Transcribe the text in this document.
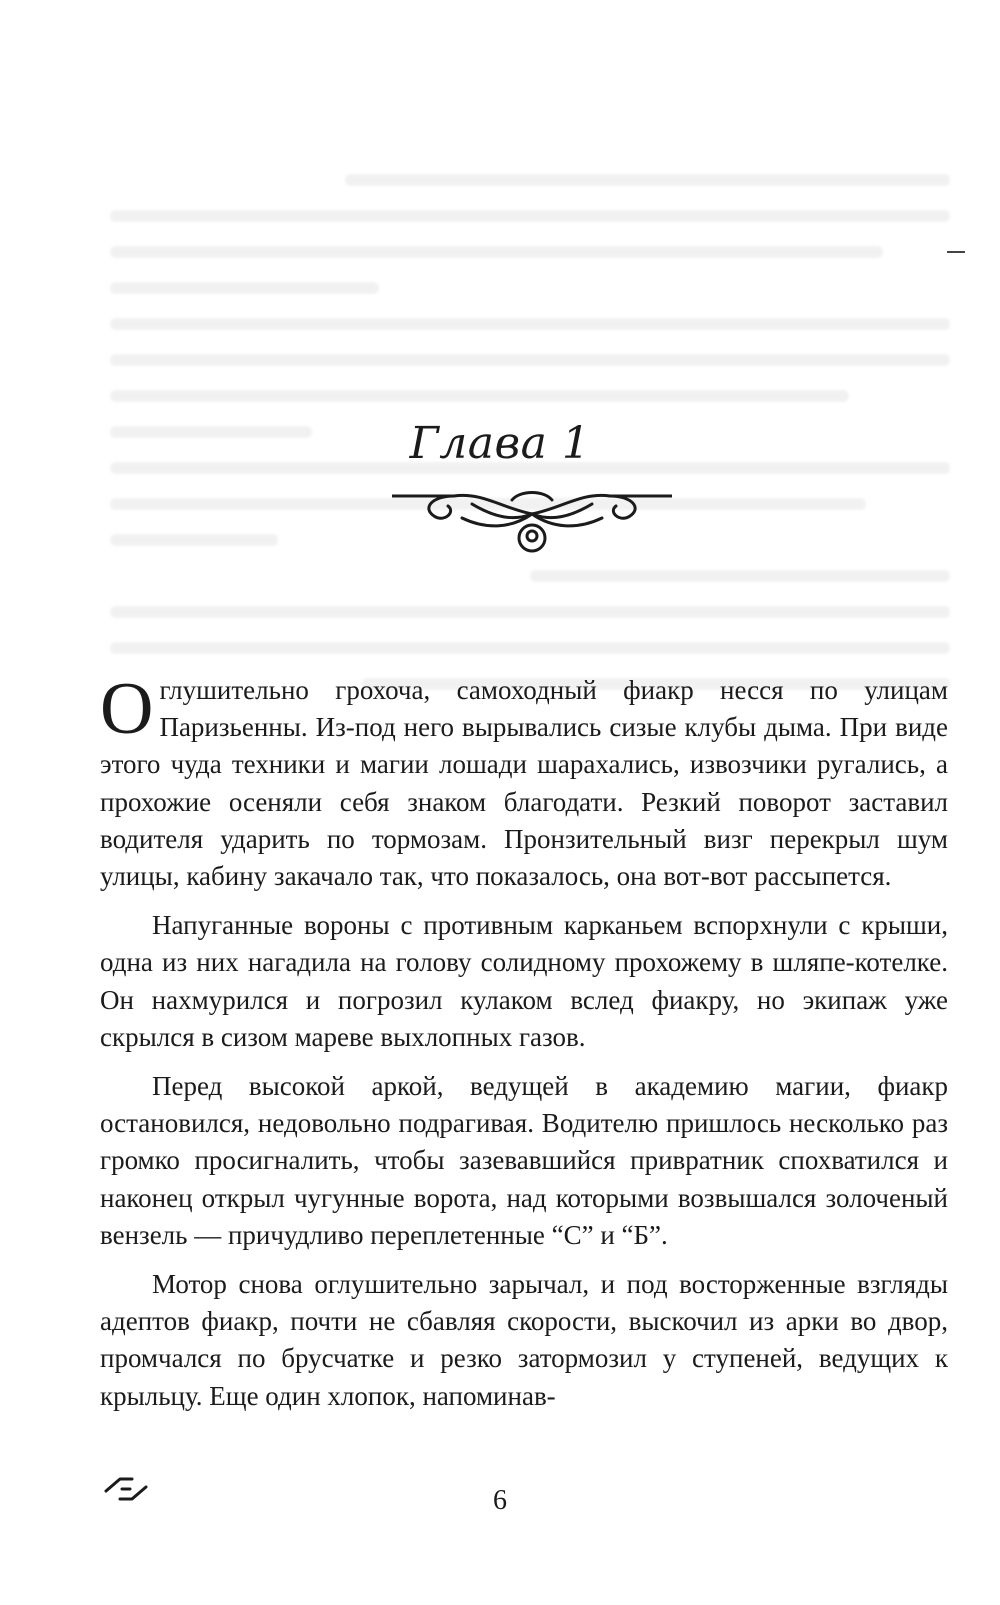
Глава 1

Оглушительно грохоча, самоходный фиакр несся по улицам Паризьенны. Из-под него вырывались сизые клубы дыма. При виде этого чуда техники и магии лошади шарахались, извозчики ругались, а прохожие осеняли себя знаком благодати. Резкий поворот заставил водителя ударить по тормозам. Пронзительный визг перекрыл шум улицы, кабину закачало так, что показалось, она вот-вот рассыпется.

Напуганные вороны с противным карканьем вспорхнули с крыши, одна из них нагадила на голову солидному прохожему в шляпе-котелке. Он нахмурился и погрозил кулаком вслед фиакру, но экипаж уже скрылся в сизом мареве выхлопных газов.

Перед высокой аркой, ведущей в академию магии, фиакр остановился, недовольно подрагивая. Водителю пришлось несколько раз громко просигналить, чтобы зазевавшийся привратник спохватился и наконец открыл чугунные ворота, над которыми возвышался золоченый вензель — причудливо переплетенные “С” и “Б”.

Мотор снова оглушительно зарычал, и под восторженные взгляды адептов фиакр, почти не сбавляя скорости, выскочил из арки во двор, промчался по брусчатке и резко затормозил у ступеней, ведущих к крыльцу. Еще один хлопок, напоминав-

6
